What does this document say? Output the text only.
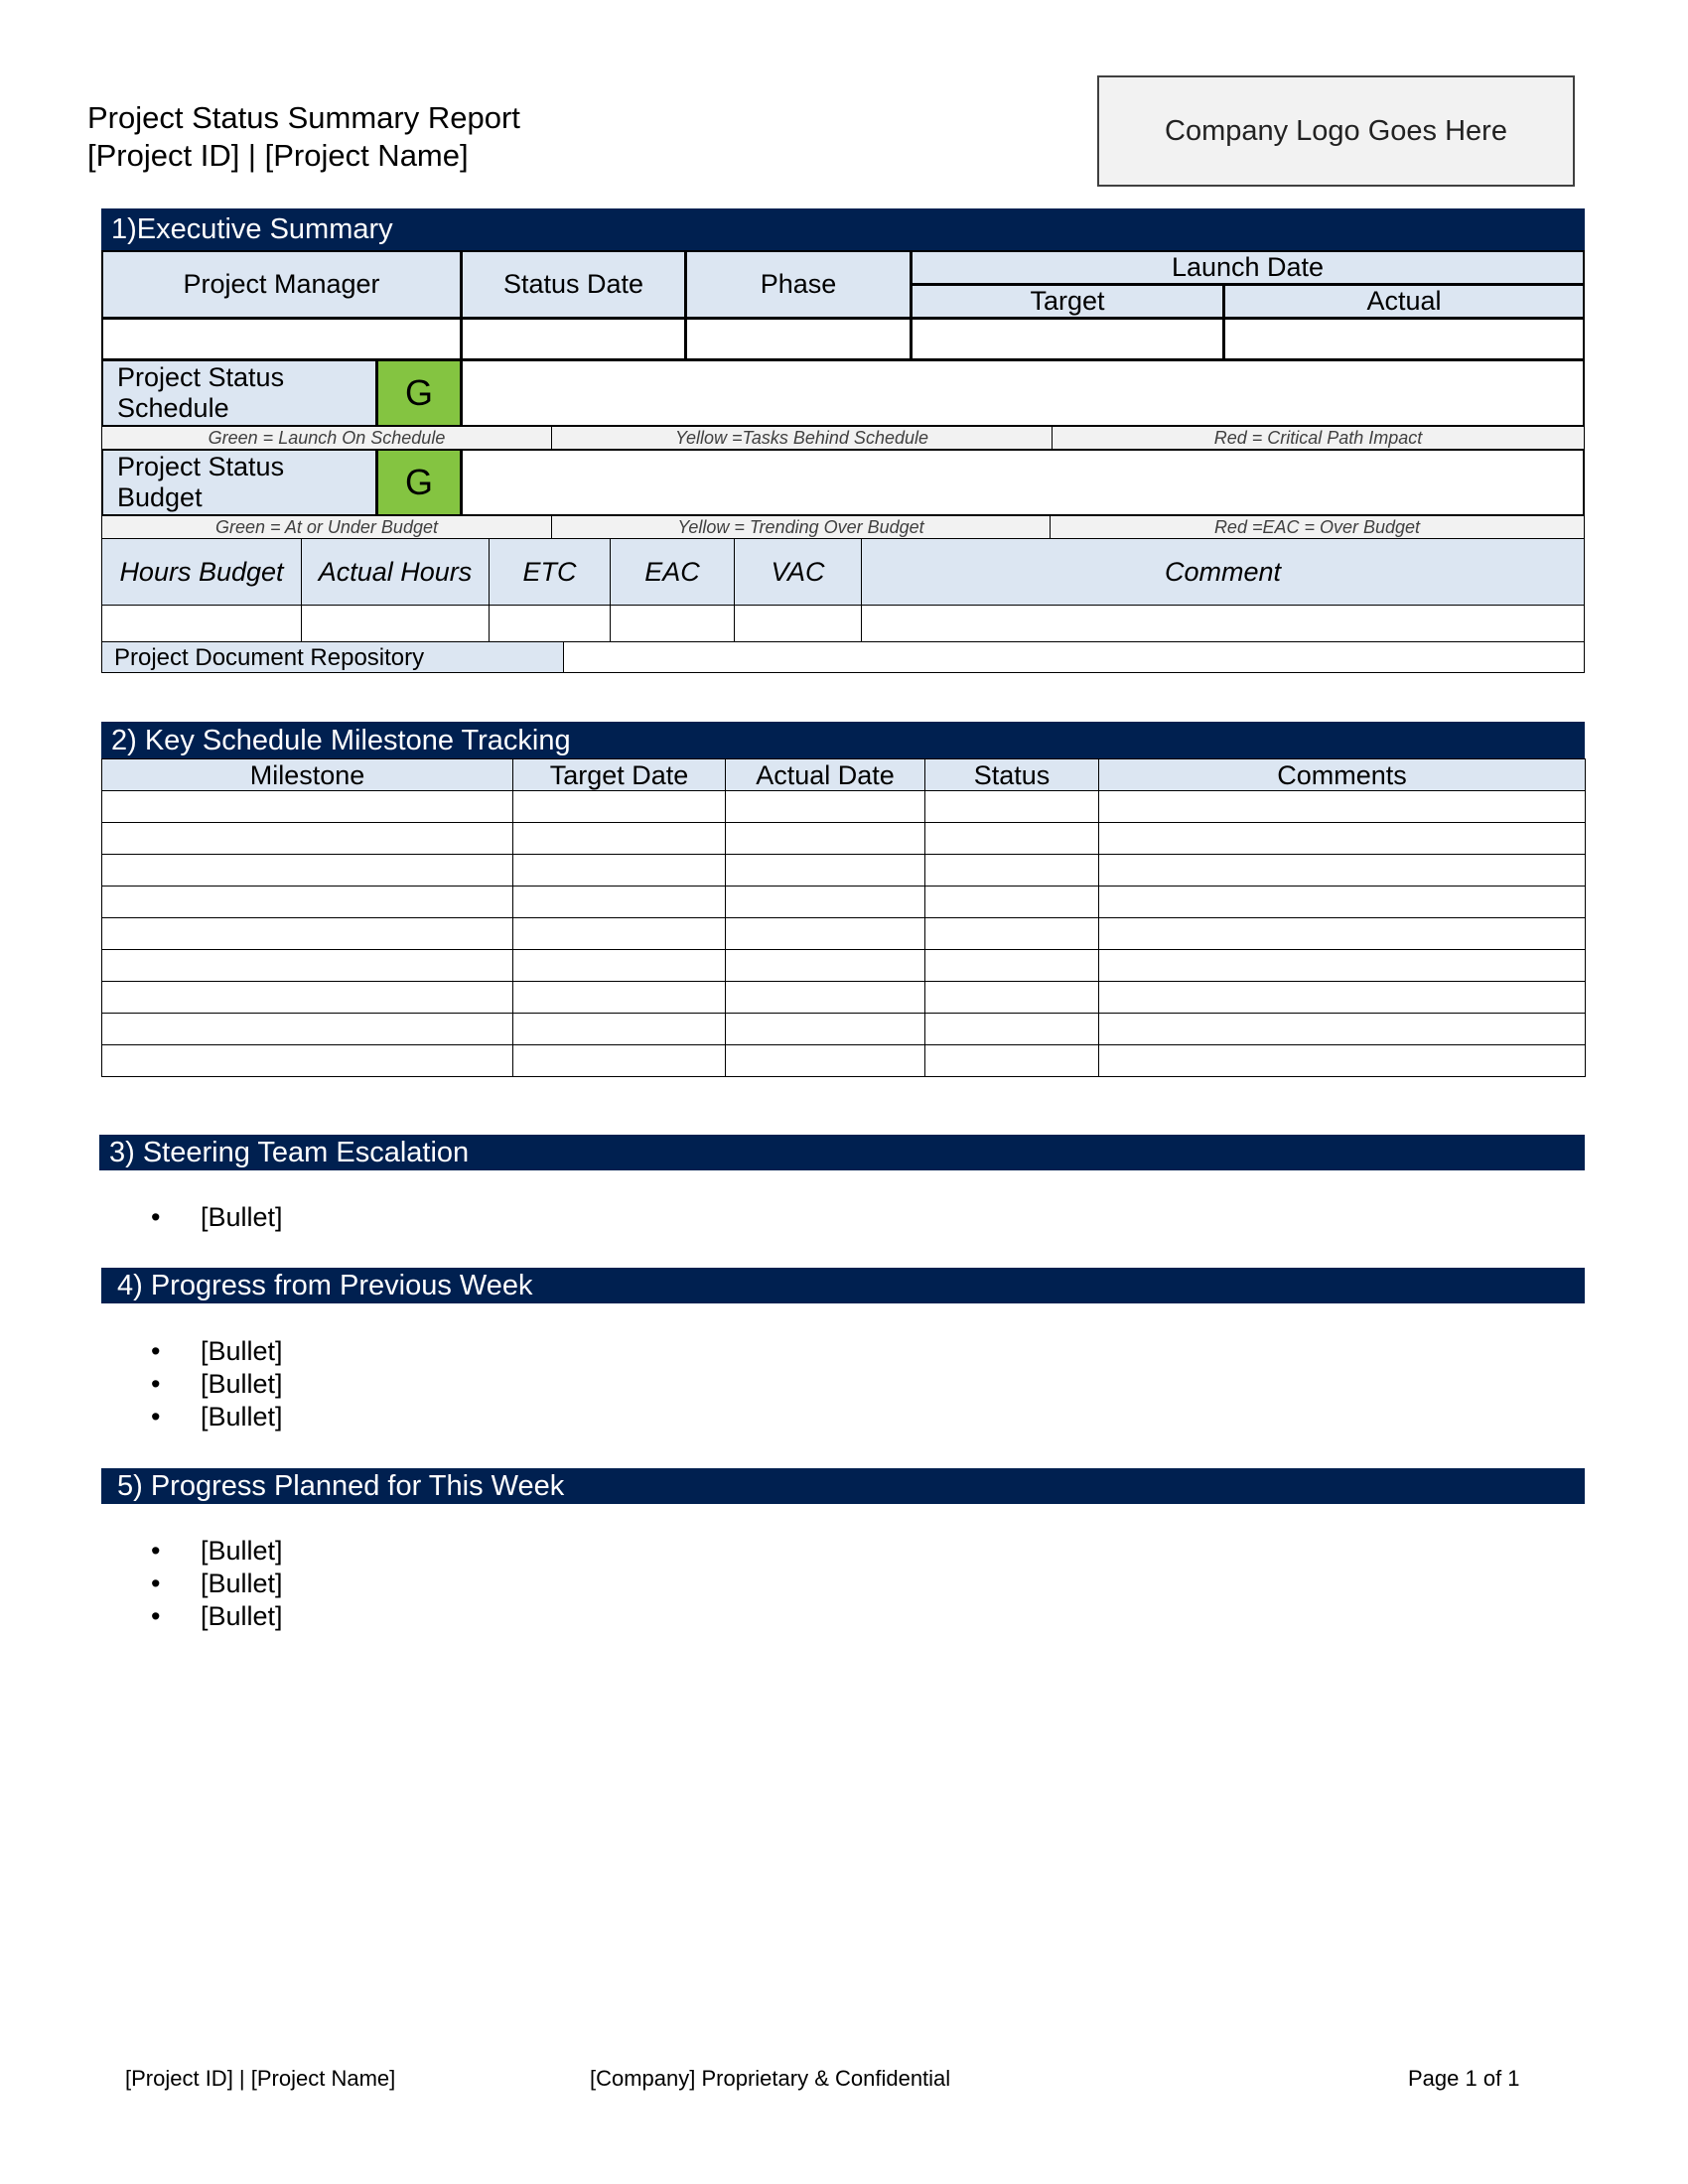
Project Status Summary Report
[Project ID] | [Project Name]
Company Logo Goes Here
1)Executive Summary
Project Manager	Status Date	Phase
Launch Date
Target	Actual
Project Status Schedule	G
Green = Launch On Schedule	Yellow =Tasks Behind Schedule	Red = Critical Path Impact
Project Status Budget	G
Green = At or Under Budget	Yellow = Trending Over Budget	Red =EAC = Over Budget
Hours Budget	Actual Hours	ETC	EAC	VAC	Comment
Project Document Repository
2) Key Schedule Milestone Tracking
Milestone	Target Date	Actual Date	Status	Comments

3) Steering Team Escalation
• [Bullet]
4) Progress from Previous Week
• [Bullet]
• [Bullet]
• [Bullet]
5) Progress Planned for This Week
• [Bullet]
• [Bullet]
• [Bullet]
[Project ID] | [Project Name]	[Company] Proprietary & Confidential	Page 1 of 1
